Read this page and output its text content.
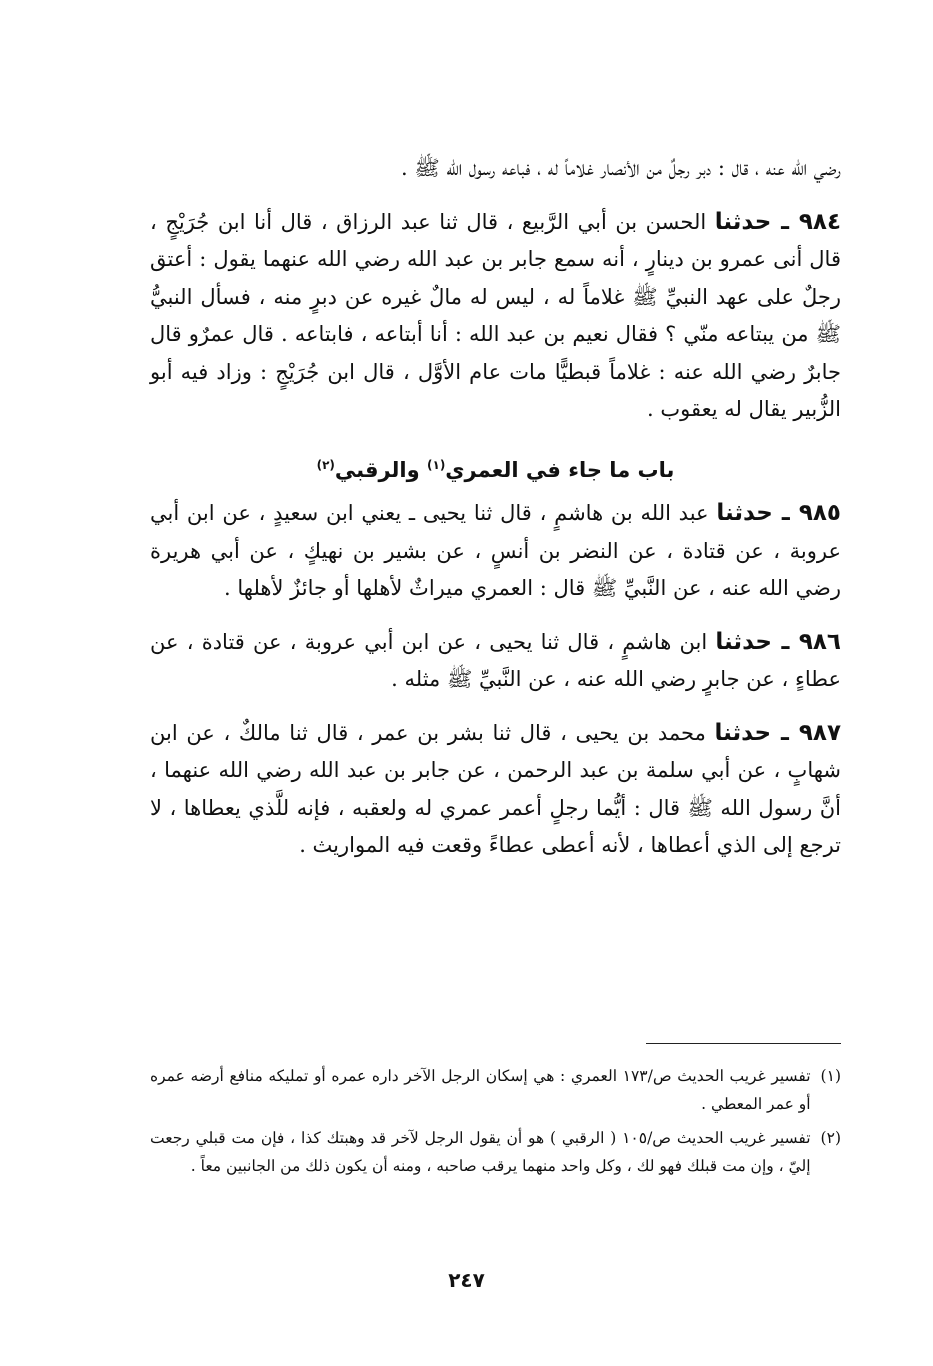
رضي الله عنه ، قال : دبر رجلٌ من الأنصار غلاماً له ، فباعه رسول الله ﷺ .

٩٨٤ ـ حدثنا الحسن بن أبي الرَّبيع ، قال ثنا عبد الرزاق ، قال أنا ابن جُرَيْجٍ ، قال أنى عمرو بن دينارٍ ، أنه سمع جابر بن عبد الله رضي الله عنهما يقول : أعتق رجلٌ على عهد النبيِّ ﷺ غلاماً له ، ليس له مالٌ غيره عن دبرٍ منه ، فسأل النبيُّ ﷺ من يبتاعه منّي ؟ فقال نعيم بن عبد الله : أنا أبتاعه ، فابتاعه . قال عمرٌو قال جابرٌ رضي الله عنه : غلاماً قبطيًّا مات عام الأوَّل ، قال ابن جُرَيْجٍ : وزاد فيه أبو الزُّبير يقال له يعقوب .

باب ما جاء في العمري$^{(١)}$ والرقبي$^{(٢)}$

٩٨٥ ـ حدثنا عبد الله بن هاشمٍ ، قال ثنا يحيى ـ يعني ابن سعيدٍ ، عن ابن أبي عروبة ، عن قتادة ، عن النضر بن أنسٍ ، عن بشير بن نهيكٍ ، عن أبي هريرة رضي الله عنه ، عن النَّبيِّ ﷺ قال : العمري ميراثٌ لأهلها أو جائزٌ لأهلها .

٩٨٦ ـ حدثنا ابن هاشمٍ ، قال ثنا يحيى ، عن ابن أبي عروبة ، عن قتادة ، عن عطاءٍ ، عن جابرٍ رضي الله عنه ، عن النَّبيِّ ﷺ مثله .

٩٨٧ ـ حدثنا محمد بن يحيى ، قال ثنا بشر بن عمر ، قال ثنا مالكٌ ، عن ابن شهابٍ ، عن أبي سلمة بن عبد الرحمن ، عن جابر بن عبد الله رضي الله عنهما ، أنَّ رسول الله ﷺ قال : أيُّما رجلٍ أعمر عمري له ولعقبه ، فإنه للَّذي يعطاها ، لا ترجع إلى الذي أعطاها ، لأنه أعطى عطاءً وقعت فيه المواريث .

(١)
تفسير غريب الحديث ص/١٧٣ العمري : هي إسكان الرجل الآخر داره عمره أو تمليكه منافع أرضه عمره أو عمر المعطي .
(٢)
تفسير غريب الحديث ص/١٠٥ ( الرقبي ) هو أن يقول الرجل لآخر قد وهبتك كذا ، فإن مت قبلي رجعت إليّ ، وإن مت قبلك فهو لك ، وكل واحد منهما يرقب صاحبه ، ومنه أن يكون ذلك من الجانبين معاً .
٢٤٧
